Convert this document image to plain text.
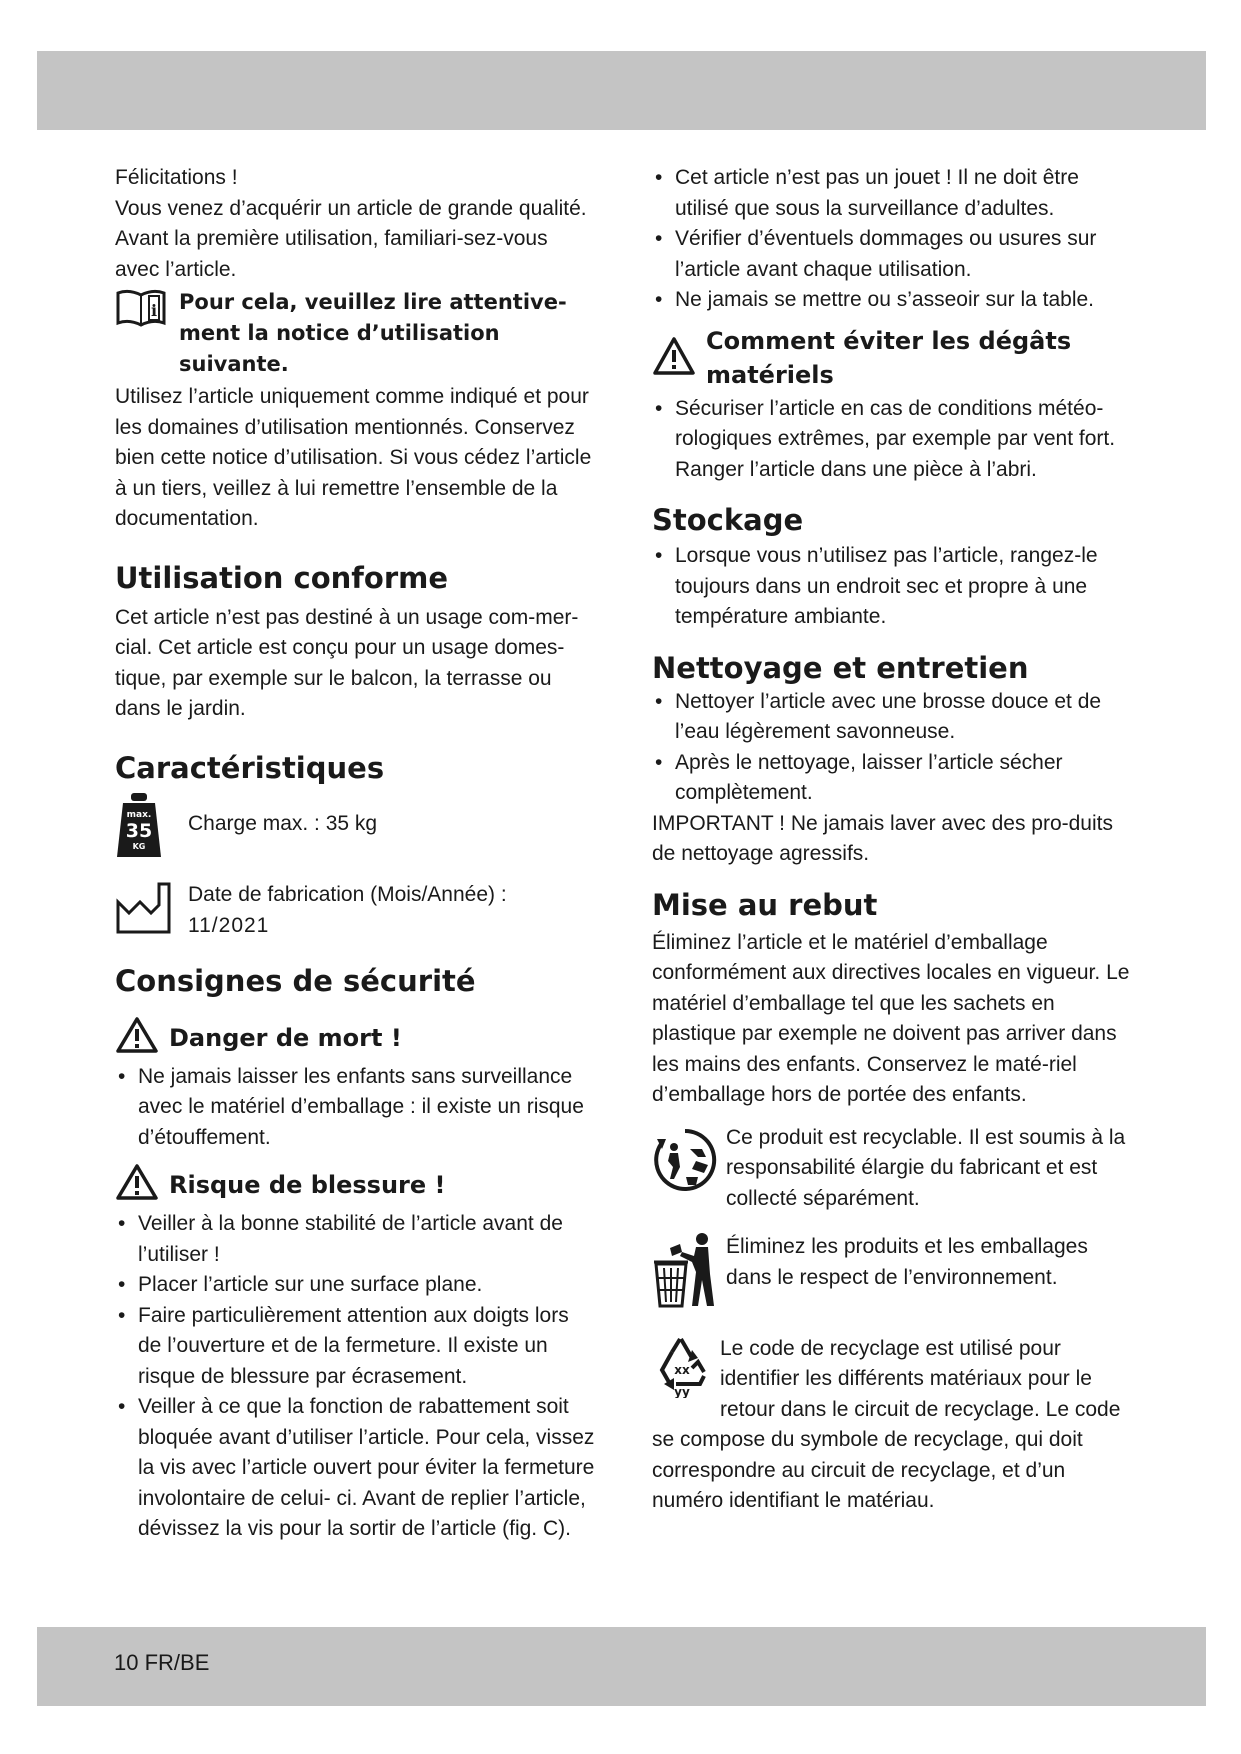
Félicitations !

Vous venez d’acquérir un article de grande qualité. Avant la première utilisation, familiari-sez-vous avec l’article.

i Pour cela, veuillez lire attentive-ment la notice d’utilisation suivante.

Utilisez l’article uniquement comme indiqué et pour les domaines d’utilisation mentionnés. Conservez bien cette notice d’utilisation. Si vous cédez l’article à un tiers, veillez à lui remettre l’ensemble de la documentation.

Utilisation conforme

Cet article n’est pas destiné à un usage com-mer-cial. Cet article est conçu pour un usage domes-tique, par exemple sur le balcon, la terrasse ou dans le jardin.

Caractéristiques
max.
35
KG
Charge max. : 35 kg
Date de fabrication (Mois/Année) :
11/2021
Consignes de sécurité
Danger de mort !
• Ne jamais laisser les enfants sans surveillance avec le matériel d’emballage : il existe un risque d’étouffement.
Risque de blessure !
• Veiller à la bonne stabilité de l’article avant de l’utiliser !
• Placer l’article sur une surface plane.
• Faire particulièrement attention aux doigts lors de l’ouverture et de la fermeture. Il existe un risque de blessure par écrasement.
• Veiller à ce que la fonction de rabattement soit bloquée avant d’utiliser l’article. Pour cela, vissez la vis avec l’article ouvert pour éviter la fermeture involontaire de celui- ci. Avant de replier l’article, dévissez la vis pour la sortir de l’article (fig. C).
• Cet article n’est pas un jouet ! Il ne doit être utilisé que sous la surveillance d’adultes.
• Vérifier d’éventuels dommages ou usures sur l’article avant chaque utilisation.
• Ne jamais se mettre ou s’asseoir sur la table.
Comment éviter les dégâts matériels
• Sécuriser l’article en cas de conditions météo-rologiques extrêmes, par exemple par vent fort. Ranger l’article dans une pièce à l’abri.
Stockage
• Lorsque vous n’utilisez pas l’article, rangez-le toujours dans un endroit sec et propre à une température ambiante.
Nettoyage et entretien
• Nettoyer l’article avec une brosse douce et de l’eau légèrement savonneuse.
• Après le nettoyage, laisser l’article sécher complètement.

IMPORTANT ! Ne jamais laver avec des pro-duits de nettoyage agressifs.

Mise au rebut

Éliminez l’article et le matériel d’emballage conformément aux directives locales en vigueur. Le matériel d’emballage tel que les sachets en plastique par exemple ne doivent pas arriver dans les mains des enfants. Conservez le maté-riel d’emballage hors de portée des enfants.

Ce produit est recyclable. Il est soumis à la responsabilité élargie du fabricant et est collecté séparément.
Éliminez les produits et les emballages dans le respect de l’environnement.
xx
yy

Le code de recyclage est utilisé pour identifier les différents matériaux pour le retour dans le circuit de recyclage. Le code se compose du symbole de recyclage, qui doit correspondre au circuit de recyclage, et d’un numéro identifiant le matériau.

10 FR/BE
